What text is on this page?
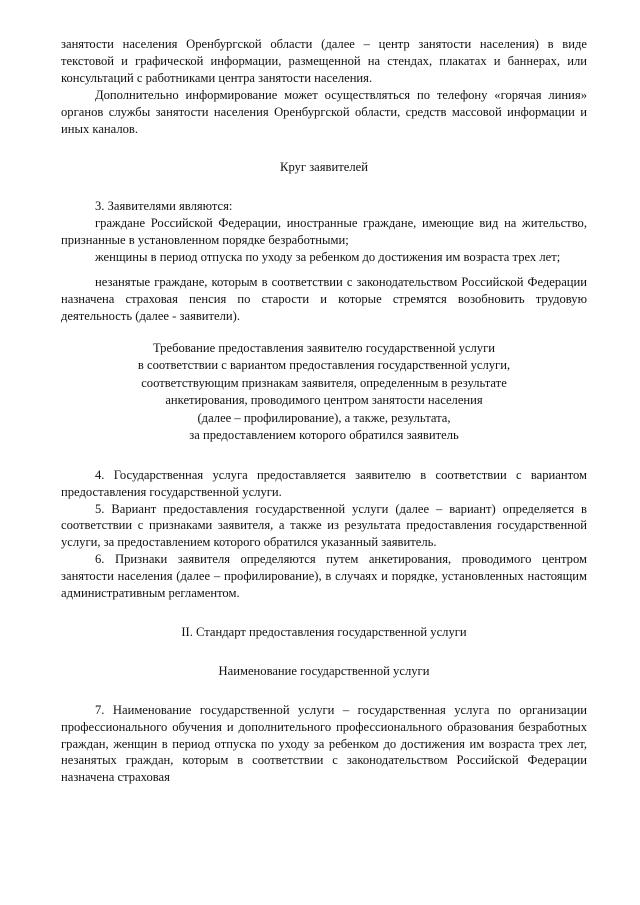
занятости населения Оренбургской области (далее – центр занятости населения) в виде текстовой и графической информации, размещенной на стендах, плакатах и баннерах, или консультаций с работниками центра занятости населения.

Дополнительно информирование может осуществляться по телефону «горячая линия» органов службы занятости населения Оренбургской области, средств массовой информации и иных каналов.

Круг заявителей

3. Заявителями являются:

граждане Российской Федерации, иностранные граждане, имеющие вид на жительство, признанные в установленном порядке безработными;

женщины в период отпуска по уходу за ребенком до достижения им возраста трех лет;

незанятые граждане, которым в соответствии с законодательством Российской Федерации назначена страховая пенсия по старости и которые стремятся возобновить трудовую деятельность (далее - заявители).

Требование предоставления заявителю государственной услуги

в соответствии с вариантом предоставления государственной услуги,

соответствующим признакам заявителя, определенным в результате

анкетирования, проводимого центром занятости населения

(далее – профилирование), а также, результата,

за предоставлением которого обратился заявитель

4. Государственная услуга предоставляется заявителю в соответствии с вариантом предоставления государственной услуги.

5. Вариант предоставления государственной услуги (далее – вариант) определяется в соответствии с признаками заявителя, а также из результата предоставления государственной услуги, за предоставлением которого обратился указанный заявитель.

6. Признаки заявителя определяются путем анкетирования, проводимого центром занятости населения (далее – профилирование), в случаях и порядке, установленных настоящим административным регламентом.

II. Стандарт предоставления государственной услуги

Наименование государственной услуги

7. Наименование государственной услуги – государственная услуга по организации профессионального обучения и дополнительного профессионального образования безработных граждан, женщин в период отпуска по уходу за ребенком до достижения им возраста трех лет, незанятых граждан, которым в соответствии с законодательством Российской Федерации назначена страховая
